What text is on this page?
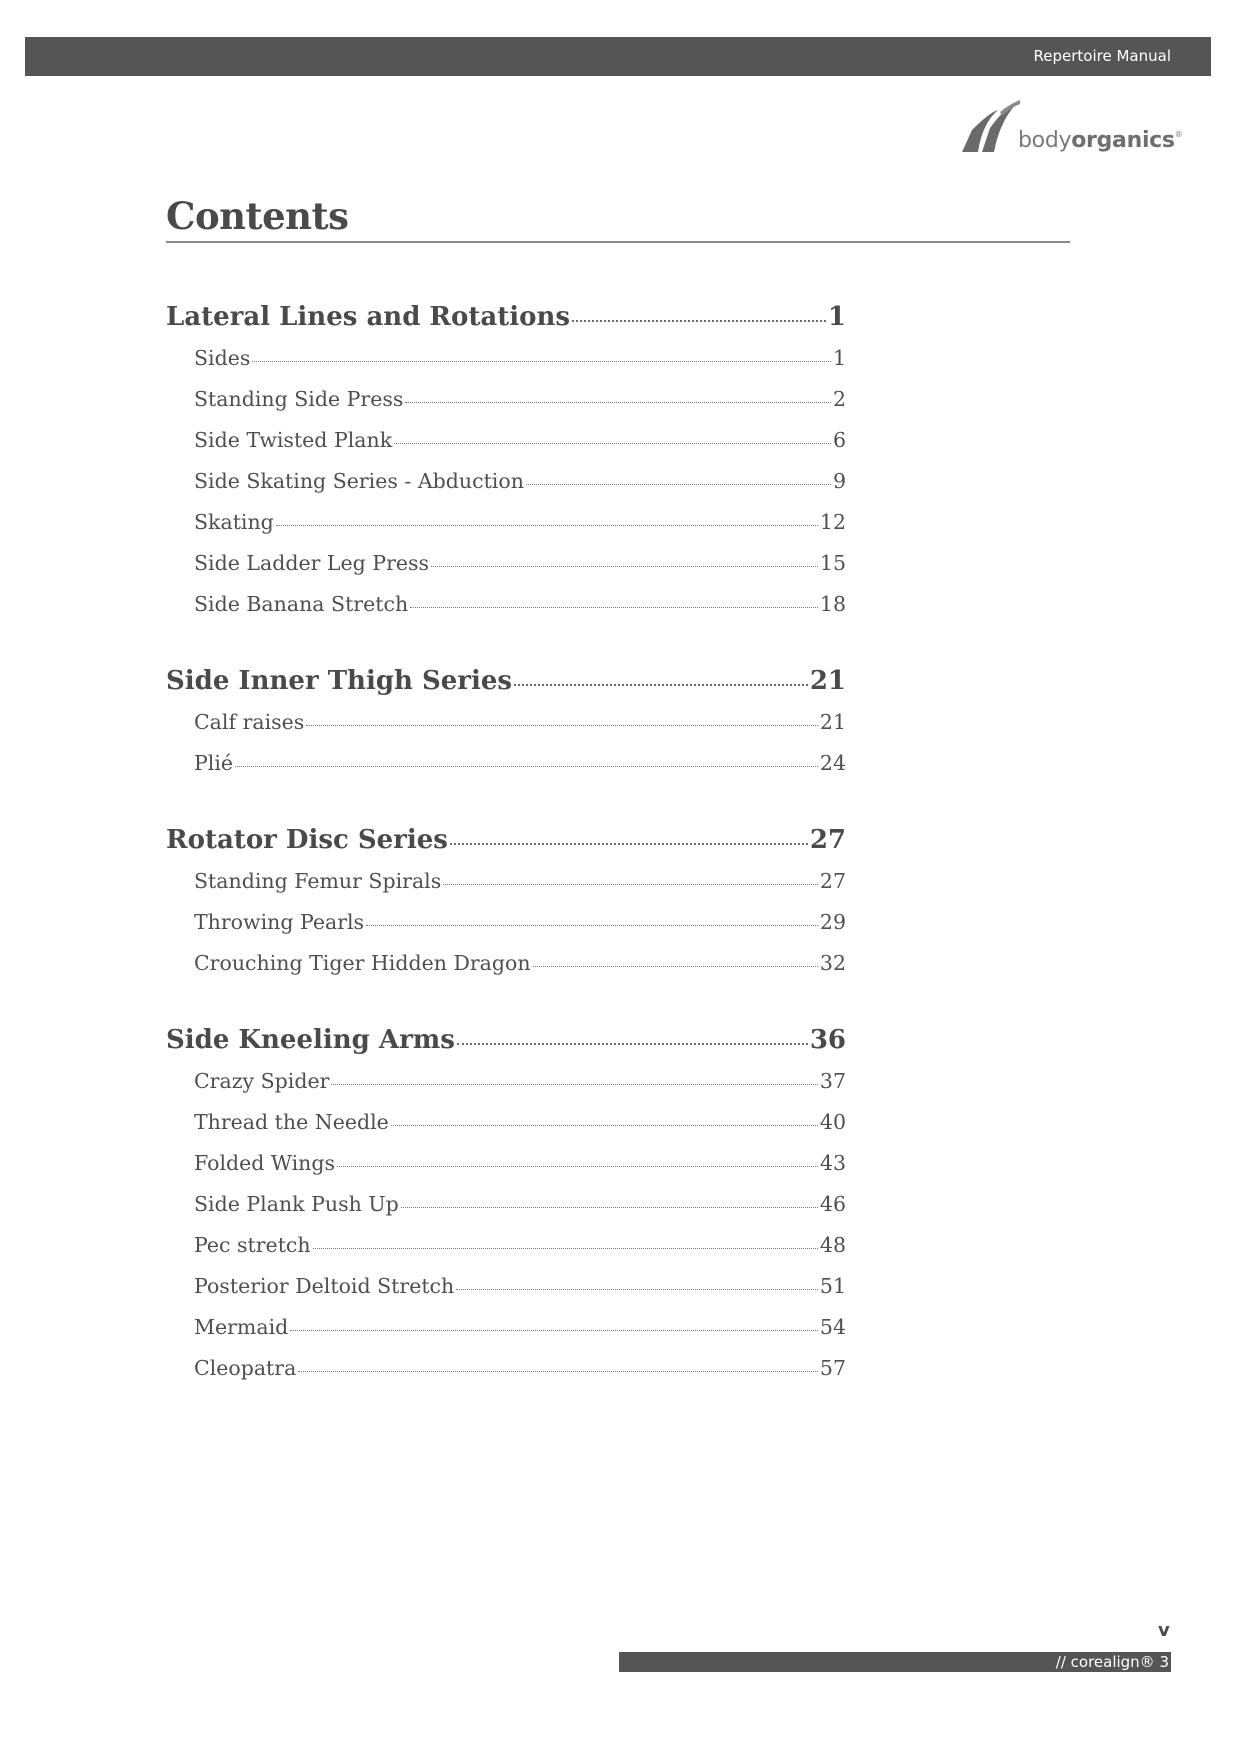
Repertoire Manual
bodyorganics®
Contents
Lateral Lines and Rotations	1
Sides	1
Standing Side Press	2
Side Twisted Plank	6
Side Skating Series - Abduction	9
Skating	12
Side Ladder Leg Press	15
Side Banana Stretch	18
Side Inner Thigh Series	21
Calf raises	21
Plié	24
Rotator Disc Series	27
Standing Femur Spirals	27
Throwing Pearls	29
Crouching Tiger Hidden Dragon	32
Side Kneeling Arms	36
Crazy Spider	37
Thread the Needle	40
Folded Wings	43
Side Plank Push Up	46
Pec stretch	48
Posterior Deltoid Stretch	51
Mermaid	54
Cleopatra	57
v
// corealign® 3
